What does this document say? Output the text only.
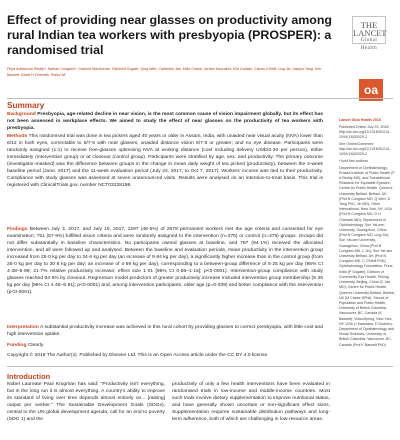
Effect of providing near glasses on productivity among rural Indian tea workers with presbyopia (PROSPER): a randomised trial
Priya Adhisesha Reddy*, Nathan Congdon*, Graeme MacKenzie, Parikshit Gogate, Qing Wen, Catherine Jan, Mike Clarke, Jordan Kassalow, Ella Gudwin, Ciaran O'Neill, Ling Jin, Jianjun Tang, Ken Bassett, David H Cherwek, Rahul Ali
THE
LANCET
Global Health
oa
Summary
Background Presbyopia, age-related decline in near vision, is the most common cause of vision impairment globally, but its effect has not been assessed in workplace effects. We aimed to study the effect of near glasses on the productivity of tea workers with presbyopia.
Methods This randomised trial was done in tea pickers aged 40 years or older in Assam, India, with unaided near visual acuity (NVA) lower than 6/12 in both eyes, correctable to 6/7·5 with near glasses; unaided distance vision 6/7·5 or greater; and no eye disease. Participants were randomly assigned (1:1) to receive free-glasses optimising NVA at working distance (cost including delivery US$10·20 per person), either immediately (intervention group) or at closeout (control group). Participants were stratified by age, sex, and productivity. The primary outcome (investigator-masked) was the difference between groups in the change in mean daily weight of tea picked (productivity), between the 4-week baseline period (June, 2017) and the 11-week evaluation period (July 24, 2017, to Oct 7, 2017). Workers' income was tied to their productivity. Compliance with study glasses was assessed at seven unannounced visits. Results were analysed on an intention-to-treat basis. This trial is registered with ClinicalTrials.gov, number NCT03228199.
Findings Between July 3, 2017, and July 15, 2017, 1297 (48·5%) of 2679 permanent workers met the age criteria and consented for eye examination; 751 (57·9%) fulfilled vision criteria and were randomly assigned to the intervention (n=376) or control (n=375) groups. Groups did not differ substantially in baseline characteristics. No participants owned glasses at baseline, and 787 (94·1%) received the allocated intervention, and all were followed up and analysed. Between the baseline and evaluation periods, mean productivity in the intervention group increased from 25·0 kg per day to 34·6 kg per day (an increase of 9·84 kg per day), a significantly higher increase than in the control group (from 26·0 kg per day to 30·6 kg per day; an increase of 4·59 kg per day), corresponding to a between-group difference of 5·25 kg per day (95% CI 4·38–5·99; 21·7% relative productivity increase; effect size 1·01 [95% CI 0·86–1·16]; p<0·0001). Intervention-group compliance with study glasses reached 84·5% by closeout. Regression model predictors of greater productivity increase included intervention group membership (5·25 kg per day [95% CI 4·46–5·91]; p<0·0001) and, among intervention participants, older age (p=0·039) and better compliance with the intervention (p<0·0001).
Interpretation A substantial productivity increase was achieved in this rural cohort by providing glasses to correct presbyopia, with little cost and high intervention uptake.
Funding Clearly.
Copyright © 2018 The Author(s). Published by Elsevier Ltd. This is an Open Access article under the CC BY 4.0 license.
Lancet Glob Health 2018
Published Online July 23, 2018 http://dx.doi.org/10.1016/S2214-109X(18)30329-2
See Online/Comment http://dx.doi.org/10.1016/S2214-109X(18)30329-2
*Joint first authors
Department of Ophthalmology, Prasad Institute of Public Health (P A Reddy MD), and Translational Research for Equitable Eyecare, Centre for Public Health, Queen's University Belfast, Belfast, UK (Prof N Congdon MD, Q Wen, D Tang PhD, Jin MD); Orbis International, New York, NY, USA (Prof N Congdon MD, D H Cherwek MD); Department of Ophthalmology, Sun Yat-sen University, Guangzhou, China (Prof N Congdon MD, Ling Jin); Sun Yat-sen University, Guangzhou, China (Prof N Congdon MD, L Jin); Sun Yat-sen University Belfast, UK (Prof N Congdon MD, C O'Neill PhD); Ophthalmology Foundation, Pune, India (P Gogate); Division of Community Eye Health, Peking University, Beijing, China (C Jan MD); Centre for Public Health, Queen's University Belfast, Belfast, UK (M Clarke DPhil); School of Population and Public Health, University of British Columbia, Vancouver, BC, Canada (K Bassett); VisionSpring, New York, NY, USA (J Kassalow, E Gudwin); Department of Ophthalmology and Visual Sciences, University of British Columbia, Vancouver, BC, Canada (Prof K Bassett PhD)
Introduction
Nobel Laureate Paul Krugman has said: "Productivity isn't everything, but in the long run it is almost everything. A country's ability to improve its standard of living over time depends almost entirely on... [raising] output per worker." The Sustainable Development Goals (SDGs), central to the UN global development agenda, call for an end to poverty (SDG 1) and the
productivity of only a few health interventions have been evaluated in randomised trials in low-income and middle-income countries. Most such trials involve dietary supplementation to improve nutritional status, and have generally shown uncertain or non-significant effect sizes. Supplementation requires sustainable distribution pathways and long-term adherence, both of which are challenging in low-resource areas.
